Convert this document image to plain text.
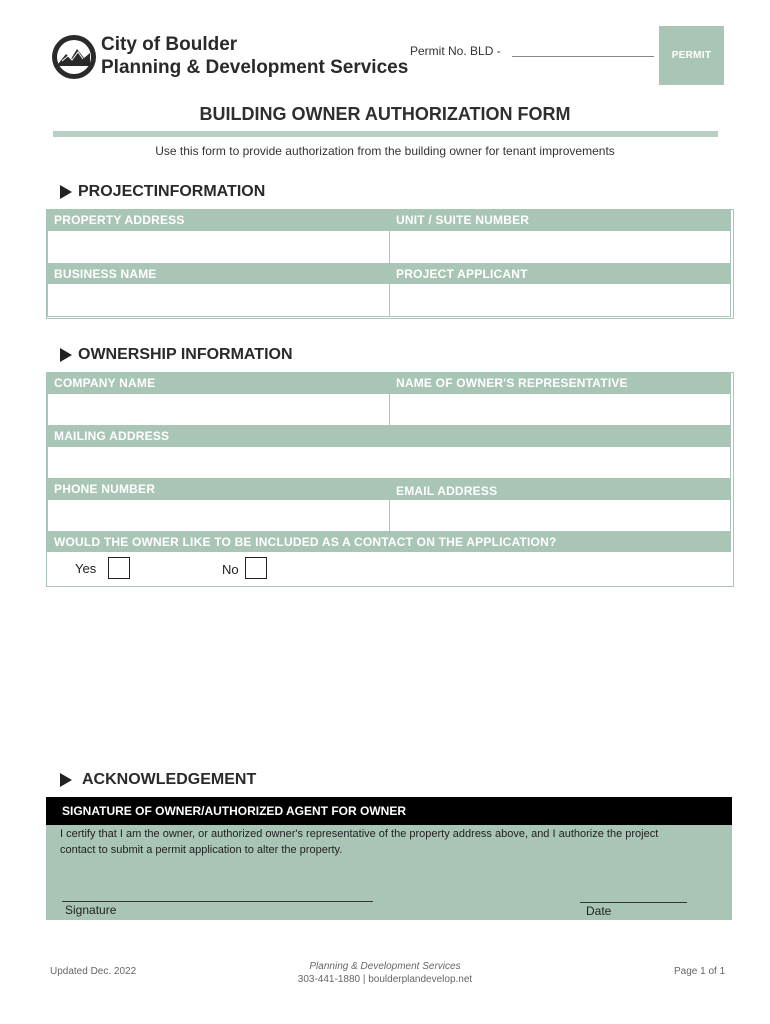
City of Boulder
Planning & Development Services
Permit No. BLD -	PERMIT
BUILDING OWNER AUTHORIZATION FORM
Use this form to provide authorization from the building owner for tenant improvements
PROJECT INFORMATION
PROPERTY ADDRESS	UNIT / SUITE NUMBER
BUSINESS NAME	PROJECT APPLICANT
OWNERSHIP INFORMATION
COMPANY NAME	NAME OF OWNER'S REPRESENTATIVE
MAILING ADDRESS
PHONE NUMBER	EMAIL ADDRESS
WOULD THE OWNER LIKE TO BE INCLUDED AS A CONTACT ON THE APPLICATION?
Yes	No
ACKNOWLEDGEMENT
SIGNATURE OF OWNER/AUTHORIZED AGENT FOR OWNER
I certify that I am the owner, or authorized owner's representative of the property address above, and I authorize the project
contact to submit a permit application to alter the property.
Signature	Date
Updated Dec. 2022	Planning & Development Services
303-441-1880 | boulderplandevelop.net
Page 1 of 1
